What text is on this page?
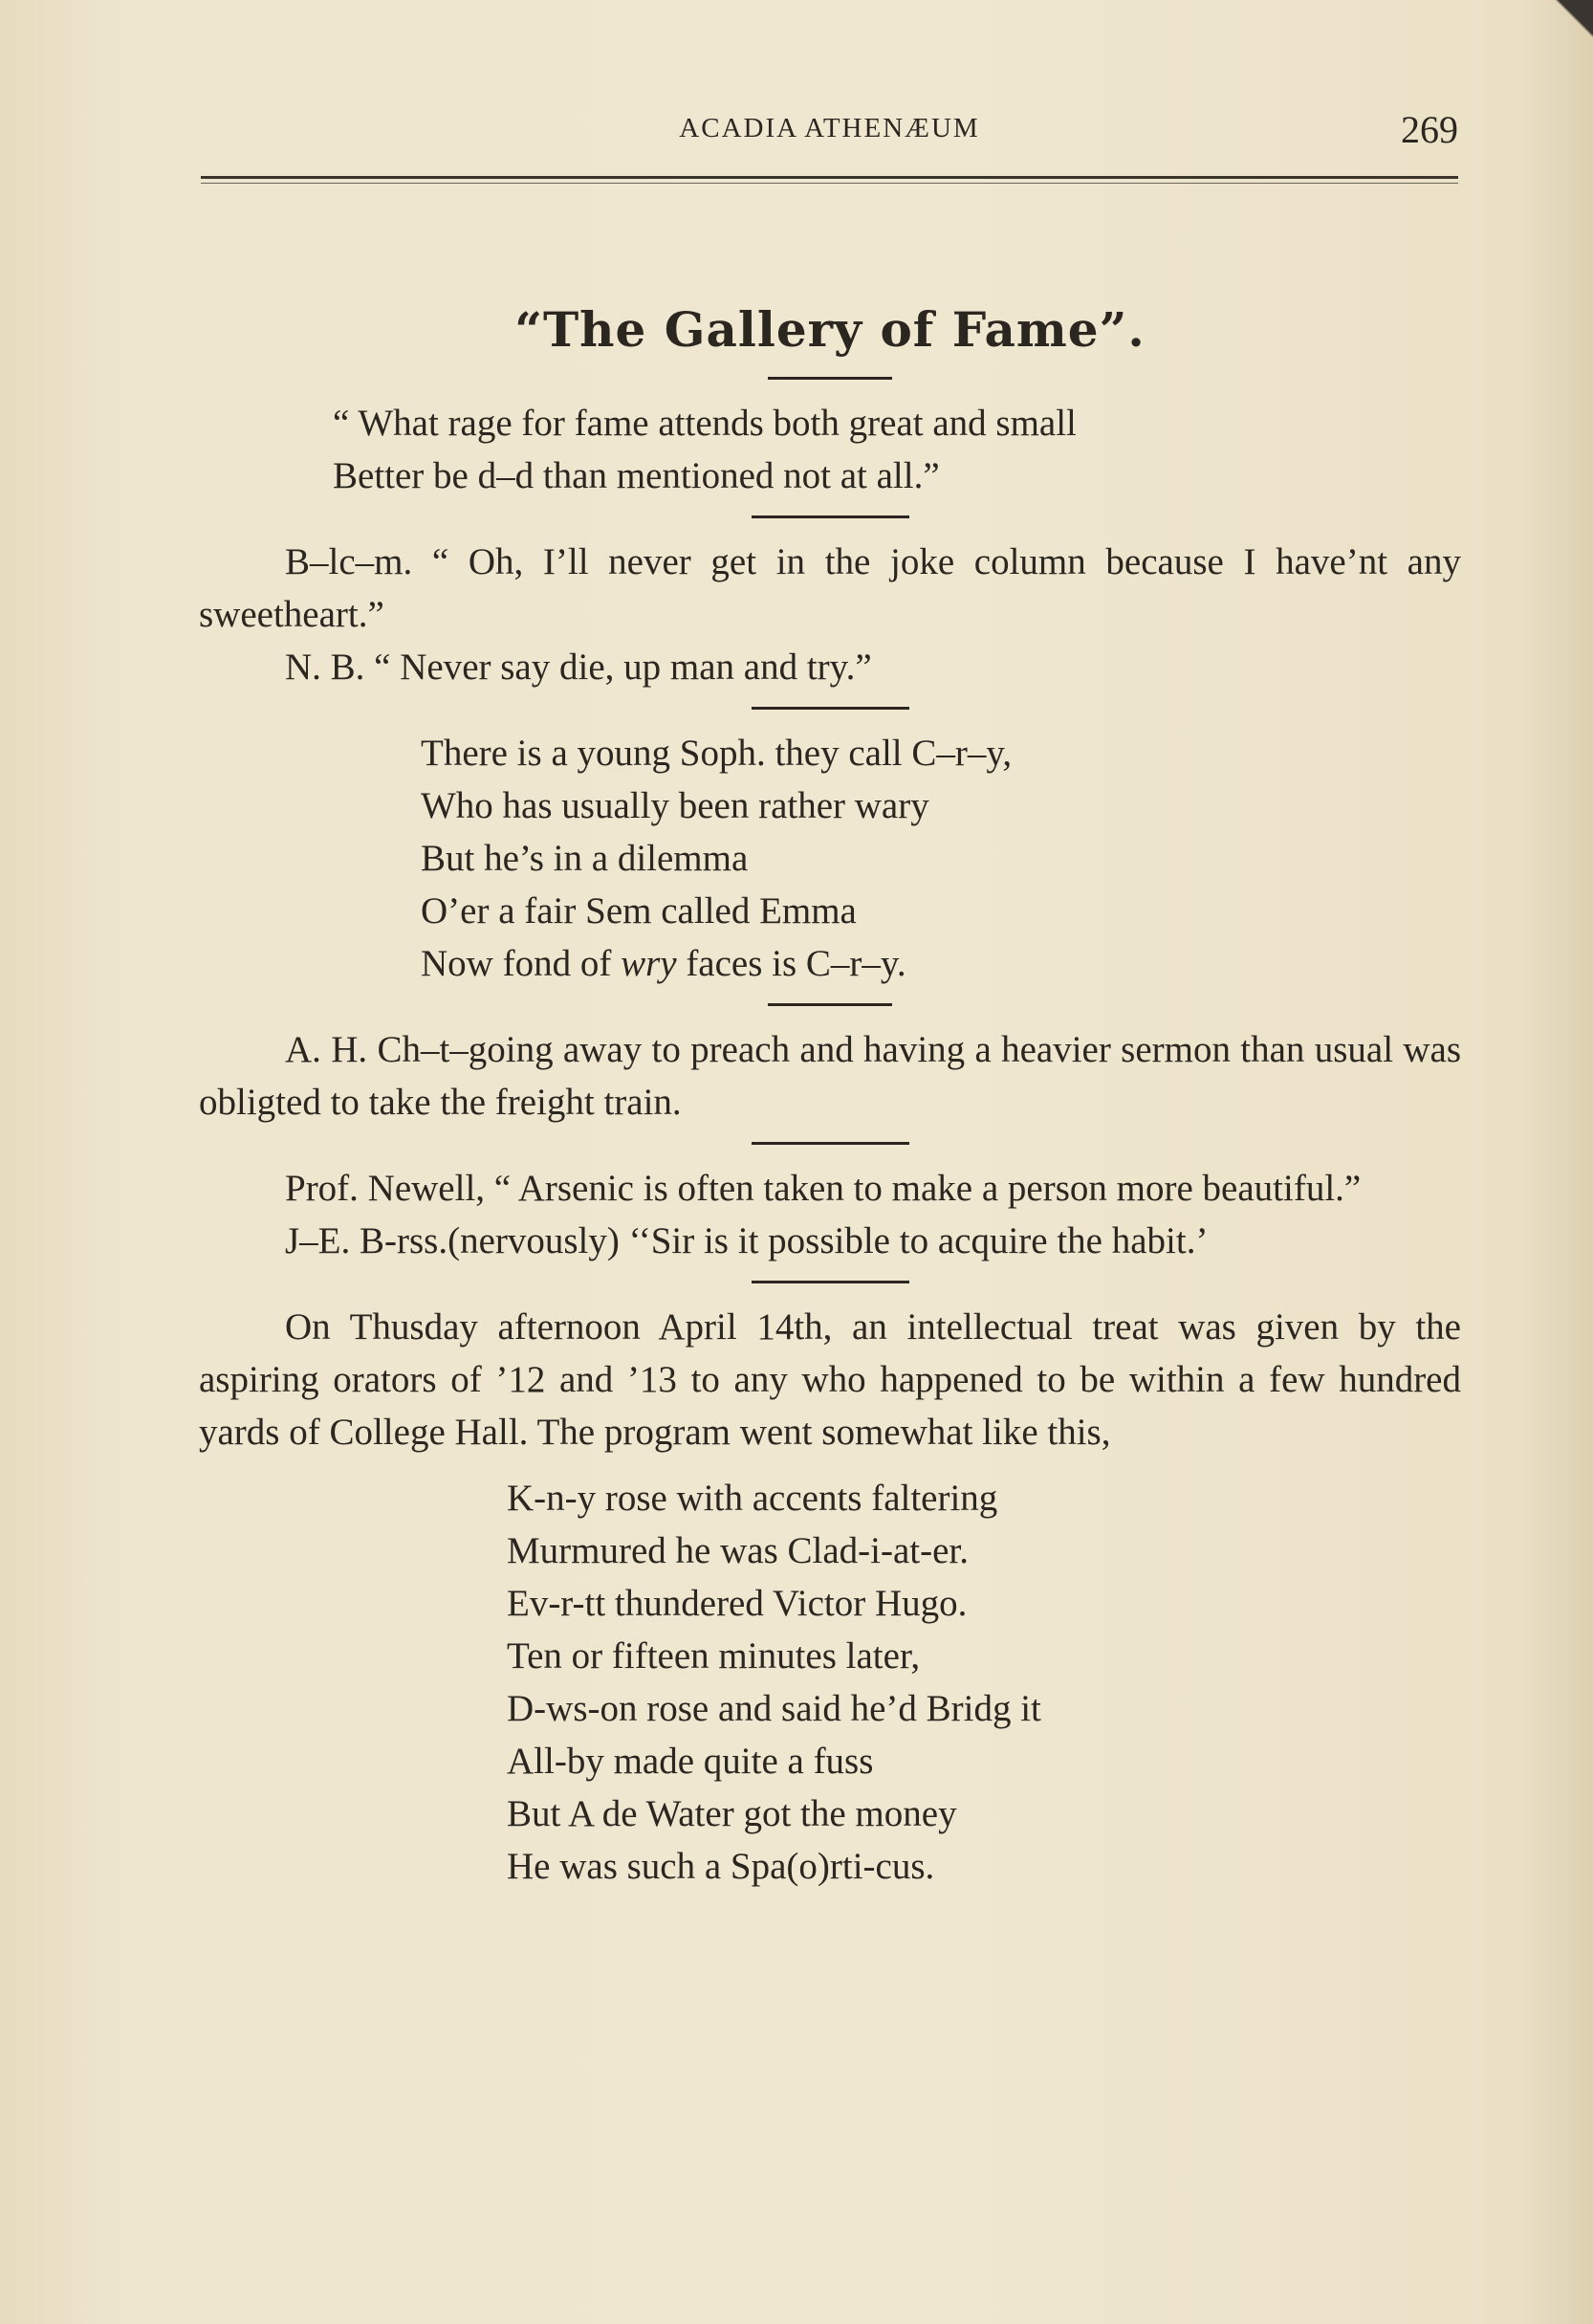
ACADIA ATHENÆUM	269
“The Gallery of Fame”.

“ What rage for fame attends both great and small

Better be d–d than mentioned not at all.”

B–lc–m. “ Oh, I’ll never get in the joke column because I have’nt any sweetheart.”

N. B. “ Never say die, up man and try.”

There is a young Soph. they call C–r–y,

Who has usually been rather wary

But he’s in a dilemma

O’er a fair Sem called Emma

Now fond of wry faces is C–r–y.

A. H. Ch–t–going away to preach and having a heavier sermon than usual was obligted to take the freight train.

Prof. Newell, “ Arsenic is often taken to make a person more beautiful.”

J–E. B-rss.(nervously) ‘‘Sir is it possible to acquire the habit.’

On Thusday afternoon April 14th, an intellectual treat was given by the aspiring orators of ’12 and ’13 to any who happened to be within a few hundred yards of College Hall. The program went somewhat like this,

K-n-y rose with accents faltering

Murmured he was Clad-i-at-er.

Ev-r-tt thundered Victor Hugo.

Ten or fifteen minutes later,

D-ws-on rose and said he’d Bridg it

All-by made quite a fuss

But A de Water got the money

He was such a Spa(o)rti-cus.
